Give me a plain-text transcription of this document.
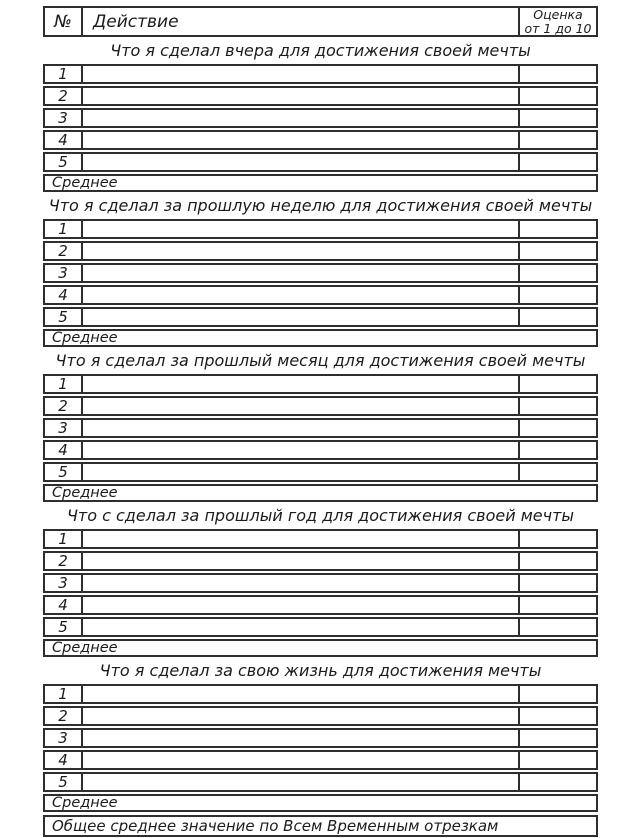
№	Действие	Оценка
от 1 до 10
Что я сделал вчера для достижения своей мечты
1
2
3
4
5
Среднее
Что я сделал за прошлую неделю для достижения своей мечты
1
2
3
4
5
Среднее
Что я сделал за прошлый месяц для достижения своей мечты
1
2
3
4
5
Среднее
Что с сделал за прошлый год для достижения своей мечты
1
2
3
4
5
Среднее
Что я сделал за свою жизнь для достижения мечты
1
2
3
4
5
Среднее
Общее среднее значение по Всем Временным отрезкам
